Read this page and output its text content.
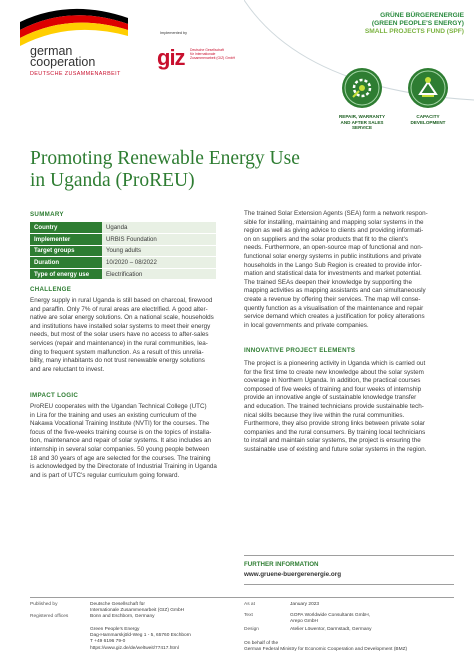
german
cooperation
DEUTSCHE ZUSAMMENARBEIT
Implemented by
giz Deutsche Gesellschaft
für Internationale
Zusammenarbeit (GIZ) GmbH
GRÜNE BÜRGERENERGIE
(GREEN PEOPLE'S ENERGY)
SMALL PROJECTS FUND (SPF)
REPAIR, WARRANTY
AND AFTER SALES
SERVICE
CAPACITY
DEVELOPMENT
Promoting Renewable Energy Use
in Uganda (ProREU)
SUMMARY
Country	Uganda
Implementer	URBIS Foundation
Target groups	Young adults
Duration	10/2020 – 08/2022
Type of energy use	Electrification
CHALLENGE
Energy supply in rural Uganda is still based on charcoal, firewood
and paraffin. Only 7% of rural areas are electrified. A good alter-
native are solar energy solutions. On a national scale, households
and institutions have installed solar systems to meet their energy
needs, but most of the solar users have no access to after-sales
services (repair and maintenance) in the rural communities, lea-
ding to frequent system malfunction. As a result of this unrelia-
bility, many inhabitants do not trust renewable energy solutions
and are reluctant to invest.
IMPACT LOGIC
ProREU cooperates with the Ugandan Technical College (UTC)
in Lira for the training and uses an existing curriculum of the
Nakawa Vocational Training Institute (NVTI) for the courses. The
focus of the five-weeks training course is on the topics of installa-
tion, maintenance and repair of solar systems. It also includes an
internship in several solar companies. 50 young people between
18 and 30 years of age are selected for the courses. The training
is acknowledged by the Directorate of Industrial Training in Uganda
and is part of UTC's regular curriculum going forward.
The trained Solar Extension Agents (SEA) form a network respon-
sible for installing, maintaining and mapping solar systems in the
region as well as giving advice to clients and providing informati-
on on suppliers and the solar products that fit to the client's
needs. Furthermore, an open-source map of functional and non-
functional solar energy systems in public institutions and private
households in the Lango Sub Region is created to provide infor-
mation and statistical data for investments and market potential.
The trained SEAs deepen their knowledge by supporting the
mapping activities as mapping assistants and can simultaneously
create a revenue by offering their services. The map will conse-
quently function as a visualisation of the maintenance and repair
service demand which creates a justification for policy alterations
in local governments and private companies.
INNOVATIVE PROJECT ELEMENTS
The project is a pioneering activity in Uganda which is carried out
for the first time to create new knowledge about the solar system
coverage in Northern Uganda. In addition, the practical courses
composed of five weeks of training and four weeks of internship
provide an innovative angle of sustainable knowledge transfer
and education. The trained technicians provide sustainable tech-
nical skills because they live within the rural communities.
Furthermore, they also provide strong links between private solar
companies and the rural consumers. By training local technicians
to install and maintain solar systems, the project is ensuring the
sustainable use of existing and future solar systems in the region.
FURTHER INFORMATION
www.gruene-buergerenergie.org
Published by	Deutsche Gesellschaft für
Internationale Zusammenarbeit (GIZ) GmbH
Bonn and Eschborn, Germany
Registered offices
Green People's Energy
Dag-Hammarskjöld-Weg 1 - 5, 65760 Eschborn
T +49 6196 79-0
https://www.giz.de/de/weltweit/77417.html
As at	January 2023
Text	GOPA Worldwide Consultants GmbH,
Arepo GmbH
Design	Atelier Löwentor, Darmstadt, Germany
On behalf of the
German Federal Ministry for Economic Cooperation and Development (BMZ)
